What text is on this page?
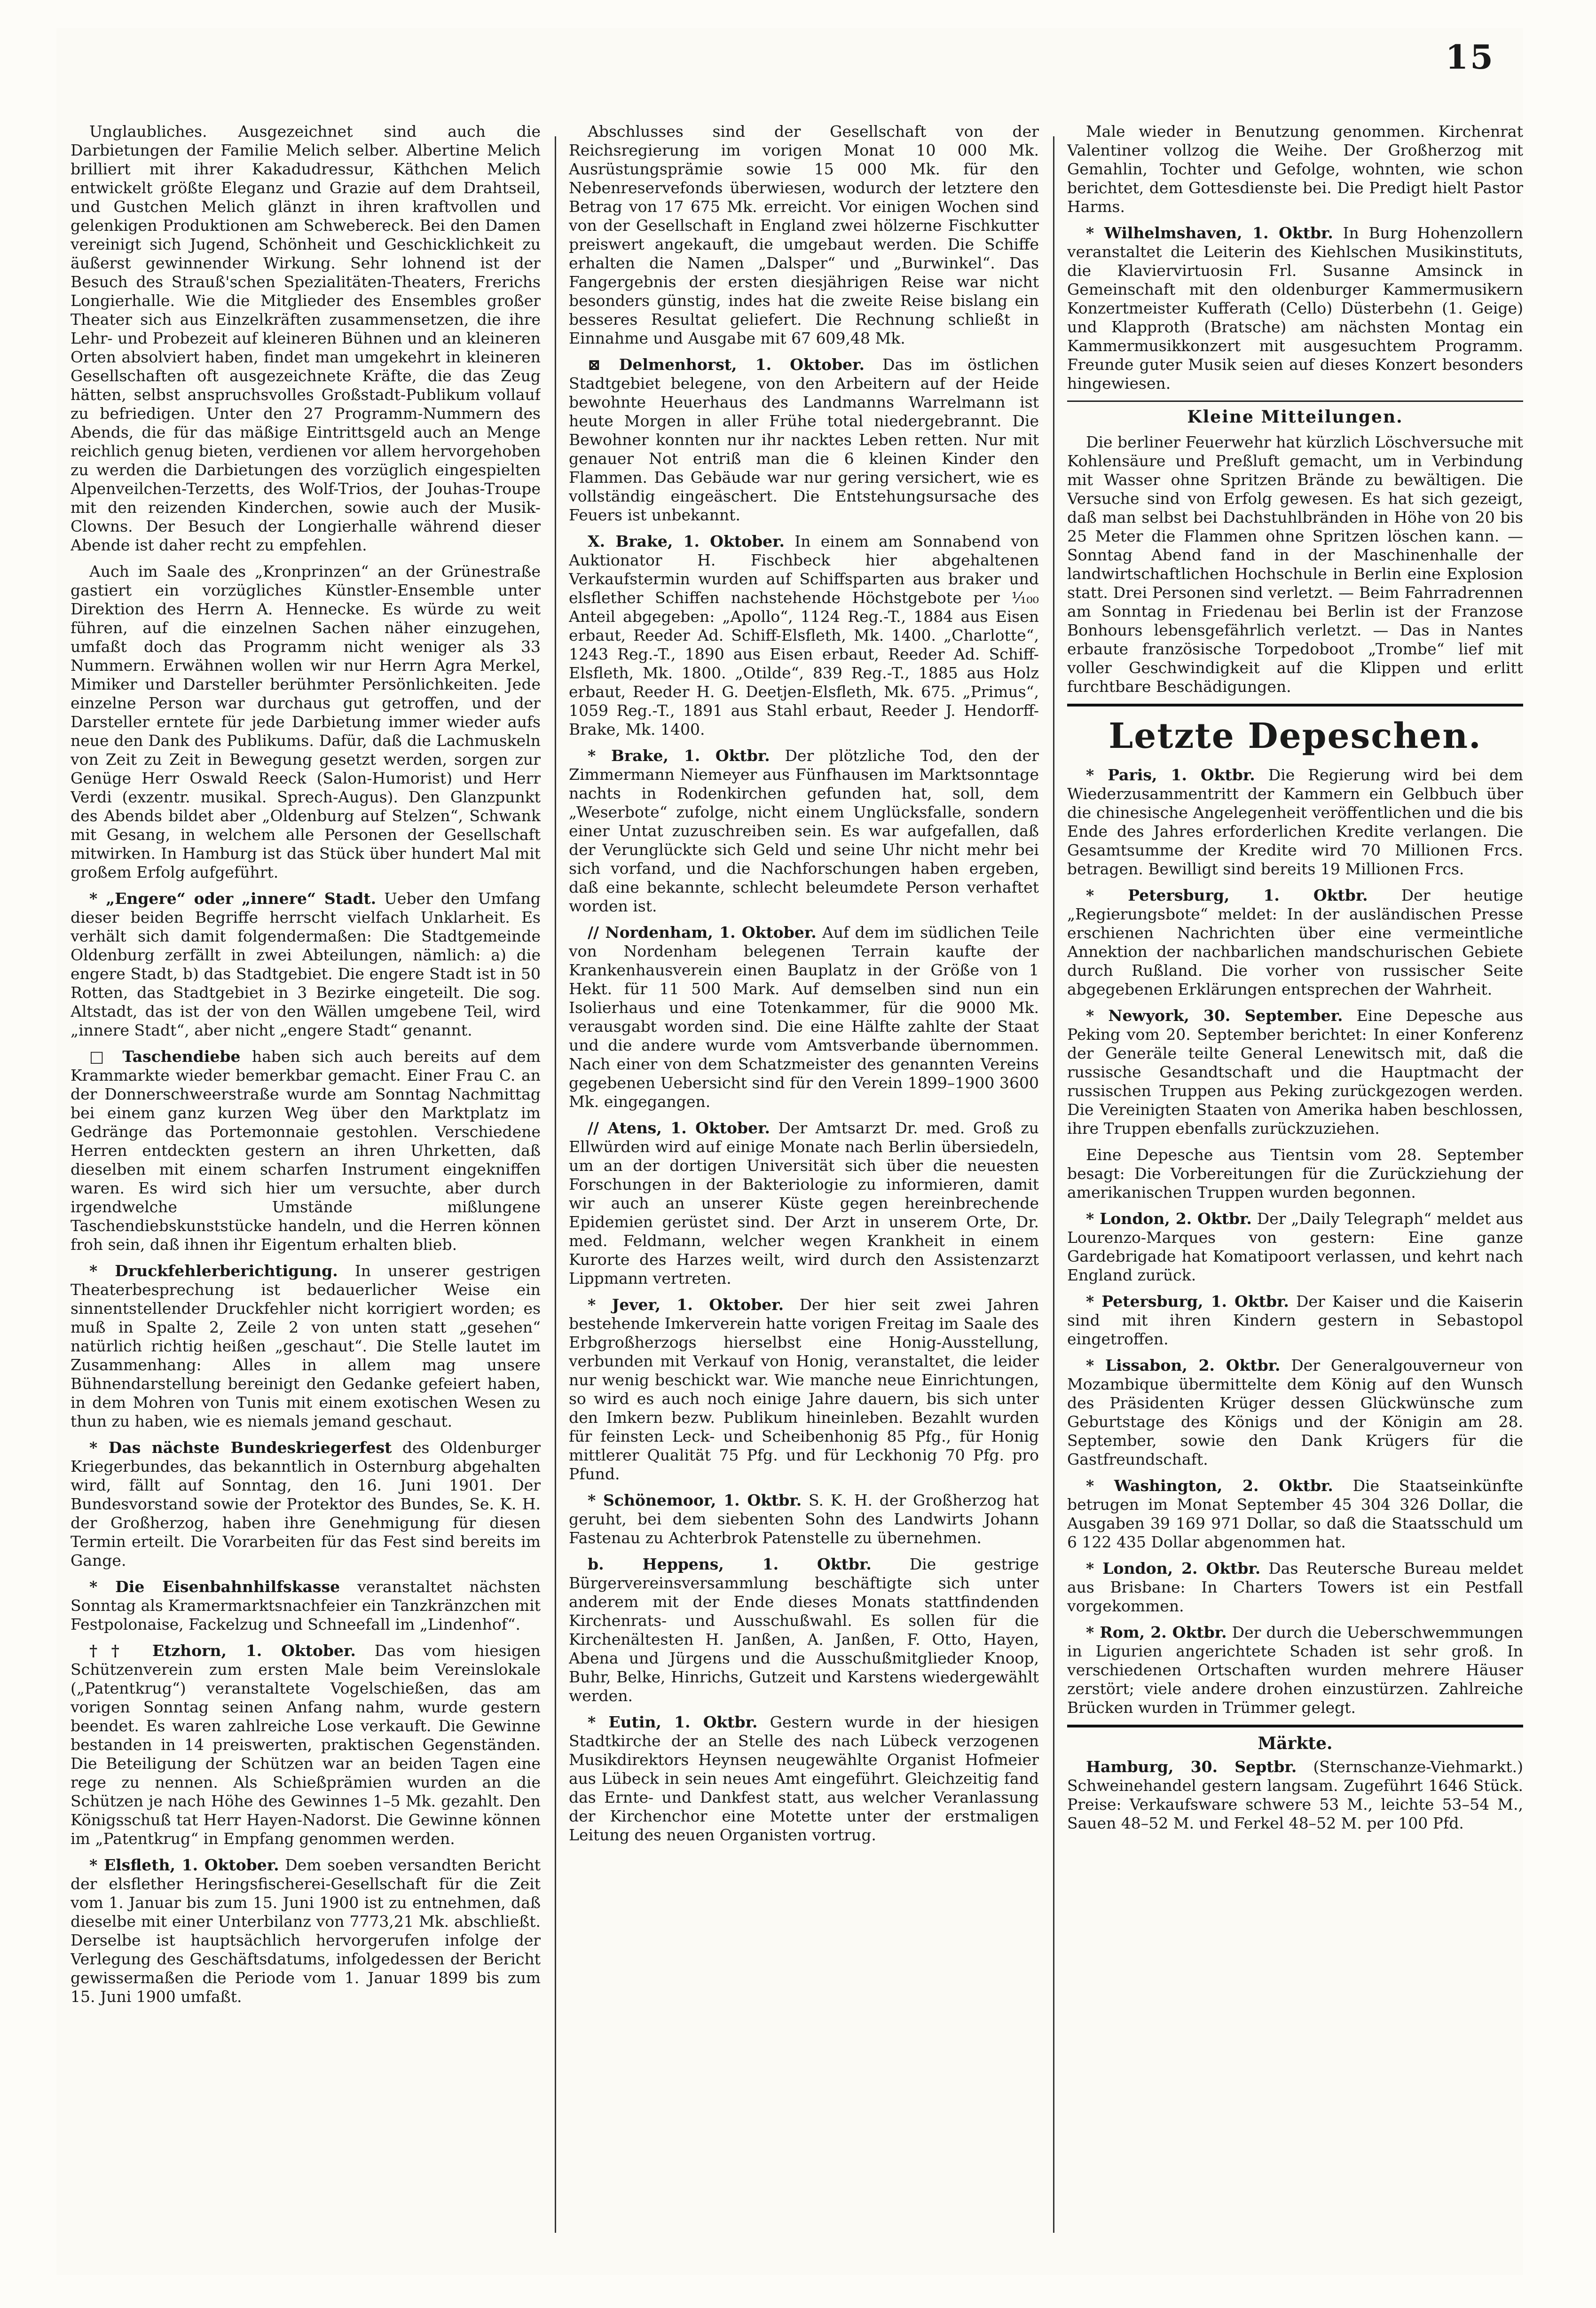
15

Unglaubliches. Ausgezeichnet sind auch die Darbietungen der Familie Melich selber. Albertine Melich brilliert mit ihrer Kakadudressur, Käthchen Melich entwickelt größte Eleganz und Grazie auf dem Drahtseil, und Gustchen Melich glänzt in ihren kraftvollen und gelenkigen Produktionen am Schwebereck. Bei den Damen vereinigt sich Jugend, Schönheit und Geschicklichkeit zu äußerst gewinnender Wirkung. Sehr lohnend ist der Besuch des Strauß'schen Spezialitäten-Theaters, Frerichs Longierhalle. Wie die Mitglieder des Ensembles großer Theater sich aus Einzelkräften zusammensetzen, die ihre Lehr- und Probezeit auf kleineren Bühnen und an kleineren Orten absolviert haben, findet man umgekehrt in kleineren Gesellschaften oft ausgezeichnete Kräfte, die das Zeug hätten, selbst anspruchsvolles Großstadt-Publikum vollauf zu befriedigen. Unter den 27 Programm-Nummern des Abends, die für das mäßige Eintrittsgeld auch an Menge reichlich genug bieten, verdienen vor allem hervorgehoben zu werden die Darbietungen des vorzüglich eingespielten Alpenveilchen-Terzetts, des Wolf-Trios, der Jouhas-Troupe mit den reizenden Kinderchen, sowie auch der Musik-Clowns. Der Besuch der Longierhalle während dieser Abende ist daher recht zu empfehlen.

Auch im Saale des „Kronprinzen“ an der Grünestraße gastiert ein vorzügliches Künstler-Ensemble unter Direktion des Herrn A. Hennecke. Es würde zu weit führen, auf die einzelnen Sachen näher einzugehen, umfaßt doch das Programm nicht weniger als 33 Nummern. Erwähnen wollen wir nur Herrn Agra Merkel, Mimiker und Darsteller berühmter Persönlichkeiten. Jede einzelne Person war durchaus gut getroffen, und der Darsteller erntete für jede Darbietung immer wieder aufs neue den Dank des Publikums. Dafür, daß die Lachmuskeln von Zeit zu Zeit in Bewegung gesetzt werden, sorgen zur Genüge Herr Oswald Reeck (Salon-Humorist) und Herr Verdi (exzentr. musikal. Sprech-Augus). Den Glanzpunkt des Abends bildet aber „Oldenburg auf Stelzen“, Schwank mit Gesang, in welchem alle Personen der Gesellschaft mitwirken. In Hamburg ist das Stück über hundert Mal mit großem Erfolg aufgeführt.

* „Engere“ oder „innere“ Stadt. Ueber den Umfang dieser beiden Begriffe herrscht vielfach Unklarheit. Es verhält sich damit folgendermaßen: Die Stadtgemeinde Oldenburg zerfällt in zwei Abteilungen, nämlich: a) die engere Stadt, b) das Stadtgebiet. Die engere Stadt ist in 50 Rotten, das Stadtgebiet in 3 Bezirke eingeteilt. Die sog. Altstadt, das ist der von den Wällen umgebene Teil, wird „innere Stadt“, aber nicht „engere Stadt“ genannt.

□ Taschendiebe haben sich auch bereits auf dem Krammarkte wieder bemerkbar gemacht. Einer Frau C. an der Donnerschweerstraße wurde am Sonntag Nachmittag bei einem ganz kurzen Weg über den Marktplatz im Gedränge das Portemonnaie gestohlen. Verschiedene Herren entdeckten gestern an ihren Uhrketten, daß dieselben mit einem scharfen Instrument eingekniffen waren. Es wird sich hier um versuchte, aber durch irgendwelche Umstände mißlungene Taschendiebskunststücke handeln, und die Herren können froh sein, daß ihnen ihr Eigentum erhalten blieb.

* Druckfehlerberichtigung. In unserer gestrigen Theaterbesprechung ist bedauerlicher Weise ein sinnentstellender Druckfehler nicht korrigiert worden; es muß in Spalte 2, Zeile 2 von unten statt „gesehen“ natürlich richtig heißen „geschaut“. Die Stelle lautet im Zusammenhang: Alles in allem mag unsere Bühnendarstellung bereinigt den Gedanke gefeiert haben, in dem Mohren von Tunis mit einem exotischen Wesen zu thun zu haben, wie es niemals jemand geschaut.

* Das nächste Bundeskriegerfest des Oldenburger Kriegerbundes, das bekanntlich in Osternburg abgehalten wird, fällt auf Sonntag, den 16. Juni 1901. Der Bundesvorstand sowie der Protektor des Bundes, Se. K. H. der Großherzog, haben ihre Genehmigung für diesen Termin erteilt. Die Vorarbeiten für das Fest sind bereits im Gange.

* Die Eisenbahnhilfskasse veranstaltet nächsten Sonntag als Kramermarktsnachfeier ein Tanzkränzchen mit Festpolonaise, Fackelzug und Schneefall im „Lindenhof“.

†† Etzhorn, 1. Oktober. Das vom hiesigen Schützenverein zum ersten Male beim Vereinslokale („Patentkrug“) veranstaltete Vogelschießen, das am vorigen Sonntag seinen Anfang nahm, wurde gestern beendet. Es waren zahlreiche Lose verkauft. Die Gewinne bestanden in 14 preiswerten, praktischen Gegenständen. Die Beteiligung der Schützen war an beiden Tagen eine rege zu nennen. Als Schießprämien wurden an die Schützen je nach Höhe des Gewinnes 1–5 Mk. gezahlt. Den Königsschuß tat Herr Hayen-Nadorst. Die Gewinne können im „Patentkrug“ in Empfang genommen werden.

* Elsfleth, 1. Oktober. Dem soeben versandten Bericht der elsflether Heringsfischerei-Gesellschaft für die Zeit vom 1. Januar bis zum 15. Juni 1900 ist zu entnehmen, daß dieselbe mit einer Unterbilanz von 7773,21 Mk. abschließt. Derselbe ist hauptsächlich hervorgerufen infolge der Verlegung des Geschäftsdatums, infolgedessen der Bericht gewissermaßen die Periode vom 1. Januar 1899 bis zum 15. Juni 1900 umfaßt.

Abschlusses sind der Gesellschaft von der Reichsregierung im vorigen Monat 10 000 Mk. Ausrüstungsprämie sowie 15 000 Mk. für den Nebenreservefonds überwiesen, wodurch der letztere den Betrag von 17 675 Mk. erreicht. Vor einigen Wochen sind von der Gesellschaft in England zwei hölzerne Fischkutter preiswert angekauft, die umgebaut werden. Die Schiffe erhalten die Namen „Dalsper“ und „Burwinkel“. Das Fangergebnis der ersten diesjährigen Reise war nicht besonders günstig, indes hat die zweite Reise bislang ein besseres Resultat geliefert. Die Rechnung schließt in Einnahme und Ausgabe mit 67 609,48 Mk.

⊠ Delmenhorst, 1. Oktober. Das im östlichen Stadtgebiet belegene, von den Arbeitern auf der Heide bewohnte Heuerhaus des Landmanns Warrelmann ist heute Morgen in aller Frühe total niedergebrannt. Die Bewohner konnten nur ihr nacktes Leben retten. Nur mit genauer Not entriß man die 6 kleinen Kinder den Flammen. Das Gebäude war nur gering versichert, wie es vollständig eingeäschert. Die Entstehungsursache des Feuers ist unbekannt.

X. Brake, 1. Oktober. In einem am Sonnabend von Auktionator H. Fischbeck hier abgehaltenen Verkaufstermin wurden auf Schiffsparten aus braker und elsflether Schiffen nachstehende Höchstgebote per ¹⁄₁₀₀ Anteil abgegeben: „Apollo“, 1124 Reg.-T., 1884 aus Eisen erbaut, Reeder Ad. Schiff-Elsfleth, Mk. 1400. „Charlotte“, 1243 Reg.-T., 1890 aus Eisen erbaut, Reeder Ad. Schiff-Elsfleth, Mk. 1800. „Otilde“, 839 Reg.-T., 1885 aus Holz erbaut, Reeder H. G. Deetjen-Elsfleth, Mk. 675. „Primus“, 1059 Reg.-T., 1891 aus Stahl erbaut, Reeder J. Hendorff-Brake, Mk. 1400.

* Brake, 1. Oktbr. Der plötzliche Tod, den der Zimmermann Niemeyer aus Fünfhausen im Marktsonntage nachts in Rodenkirchen gefunden hat, soll, dem „Weserbote“ zufolge, nicht einem Unglücksfalle, sondern einer Untat zuzuschreiben sein. Es war aufgefallen, daß der Verunglückte sich Geld und seine Uhr nicht mehr bei sich vorfand, und die Nachforschungen haben ergeben, daß eine bekannte, schlecht beleumdete Person verhaftet worden ist.

// Nordenham, 1. Oktober. Auf dem im südlichen Teile von Nordenham belegenen Terrain kaufte der Krankenhausverein einen Bauplatz in der Größe von 1 Hekt. für 11 500 Mark. Auf demselben sind nun ein Isolierhaus und eine Totenkammer, für die 9000 Mk. verausgabt worden sind. Die eine Hälfte zahlte der Staat und die andere wurde vom Amtsverbande übernommen. Nach einer von dem Schatzmeister des genannten Vereins gegebenen Uebersicht sind für den Verein 1899–1900 3600 Mk. eingegangen.

// Atens, 1. Oktober. Der Amtsarzt Dr. med. Groß zu Ellwürden wird auf einige Monate nach Berlin übersiedeln, um an der dortigen Universität sich über die neuesten Forschungen in der Bakteriologie zu informieren, damit wir auch an unserer Küste gegen hereinbrechende Epidemien gerüstet sind. Der Arzt in unserem Orte, Dr. med. Feldmann, welcher wegen Krankheit in einem Kurorte des Harzes weilt, wird durch den Assistenzarzt Lippmann vertreten.

* Jever, 1. Oktober. Der hier seit zwei Jahren bestehende Imkerverein hatte vorigen Freitag im Saale des Erbgroßherzogs hierselbst eine Honig-Ausstellung, verbunden mit Verkauf von Honig, veranstaltet, die leider nur wenig beschickt war. Wie manche neue Einrichtungen, so wird es auch noch einige Jahre dauern, bis sich unter den Imkern bezw. Publikum hineinleben. Bezahlt wurden für feinsten Leck- und Scheibenhonig 85 Pfg., für Honig mittlerer Qualität 75 Pfg. und für Leckhonig 70 Pfg. pro Pfund.

* Schönemoor, 1. Oktbr. S. K. H. der Großherzog hat geruht, bei dem siebenten Sohn des Landwirts Johann Fastenau zu Achterbrok Patenstelle zu übernehmen.

b. Heppens, 1. Oktbr. Die gestrige Bürgervereinsversammlung beschäftigte sich unter anderem mit der Ende dieses Monats stattfindenden Kirchenrats- und Ausschußwahl. Es sollen für die Kirchenältesten H. Janßen, A. Janßen, F. Otto, Hayen, Abena und Jürgens und die Ausschußmitglieder Knoop, Buhr, Belke, Hinrichs, Gutzeit und Karstens wiedergewählt werden.

* Eutin, 1. Oktbr. Gestern wurde in der hiesigen Stadtkirche der an Stelle des nach Lübeck verzogenen Musikdirektors Heynsen neugewählte Organist Hofmeier aus Lübeck in sein neues Amt eingeführt. Gleichzeitig fand das Ernte- und Dankfest statt, aus welcher Veranlassung der Kirchenchor eine Motette unter der erstmaligen Leitung des neuen Organisten vortrug.

Male wieder in Benutzung genommen. Kirchenrat Valentiner vollzog die Weihe. Der Großherzog mit Gemahlin, Tochter und Gefolge, wohnten, wie schon berichtet, dem Gottesdienste bei. Die Predigt hielt Pastor Harms.

* Wilhelmshaven, 1. Oktbr. In Burg Hohenzollern veranstaltet die Leiterin des Kiehlschen Musikinstituts, die Klaviervirtuosin Frl. Susanne Amsinck in Gemeinschaft mit den oldenburger Kammermusikern Konzertmeister Kufferath (Cello) Düsterbehn (1. Geige) und Klapproth (Bratsche) am nächsten Montag ein Kammermusikkonzert mit ausgesuchtem Programm. Freunde guter Musik seien auf dieses Konzert besonders hingewiesen.

Kleine Mitteilungen.

Die berliner Feuerwehr hat kürzlich Löschversuche mit Kohlensäure und Preßluft gemacht, um in Verbindung mit Wasser ohne Spritzen Brände zu bewältigen. Die Versuche sind von Erfolg gewesen. Es hat sich gezeigt, daß man selbst bei Dachstuhlbränden in Höhe von 20 bis 25 Meter die Flammen ohne Spritzen löschen kann. — Sonntag Abend fand in der Maschinenhalle der landwirtschaftlichen Hochschule in Berlin eine Explosion statt. Drei Personen sind verletzt. — Beim Fahrradrennen am Sonntag in Friedenau bei Berlin ist der Franzose Bonhours lebensgefährlich verletzt. — Das in Nantes erbaute französische Torpedoboot „Trombe“ lief mit voller Geschwindigkeit auf die Klippen und erlitt furchtbare Beschädigungen.

Letzte Depeschen.

* Paris, 1. Oktbr. Die Regierung wird bei dem Wiederzusammentritt der Kammern ein Gelbbuch über die chinesische Angelegenheit veröffentlichen und die bis Ende des Jahres erforderlichen Kredite verlangen. Die Gesamtsumme der Kredite wird 70 Millionen Frcs. betragen. Bewilligt sind bereits 19 Millionen Frcs.

* Petersburg, 1. Oktbr. Der heutige „Regierungsbote“ meldet: In der ausländischen Presse erschienen Nachrichten über eine vermeintliche Annektion der nachbarlichen mandschurischen Gebiete durch Rußland. Die vorher von russischer Seite abgegebenen Erklärungen entsprechen der Wahrheit.

* Newyork, 30. September. Eine Depesche aus Peking vom 20. September berichtet: In einer Konferenz der Generäle teilte General Lenewitsch mit, daß die russische Gesandtschaft und die Hauptmacht der russischen Truppen aus Peking zurückgezogen werden. Die Vereinigten Staaten von Amerika haben beschlossen, ihre Truppen ebenfalls zurückzuziehen.

Eine Depesche aus Tientsin vom 28. September besagt: Die Vorbereitungen für die Zurückziehung der amerikanischen Truppen wurden begonnen.

* London, 2. Oktbr. Der „Daily Telegraph“ meldet aus Lourenzo-Marques von gestern: Eine ganze Gardebrigade hat Komatipoort verlassen, und kehrt nach England zurück.

* Petersburg, 1. Oktbr. Der Kaiser und die Kaiserin sind mit ihren Kindern gestern in Sebastopol eingetroffen.

* Lissabon, 2. Oktbr. Der Generalgouverneur von Mozambique übermittelte dem König auf den Wunsch des Präsidenten Krüger dessen Glückwünsche zum Geburtstage des Königs und der Königin am 28. September, sowie den Dank Krügers für die Gastfreundschaft.

* Washington, 2. Oktbr. Die Staatseinkünfte betrugen im Monat September 45 304 326 Dollar, die Ausgaben 39 169 971 Dollar, so daß die Staatsschuld um 6 122 435 Dollar abgenommen hat.

* London, 2. Oktbr. Das Reutersche Bureau meldet aus Brisbane: In Charters Towers ist ein Pestfall vorgekommen.

* Rom, 2. Oktbr. Der durch die Ueberschwemmungen in Ligurien angerichtete Schaden ist sehr groß. In verschiedenen Ortschaften wurden mehrere Häuser zerstört; viele andere drohen einzustürzen. Zahlreiche Brücken wurden in Trümmer gelegt.

Märkte.

Hamburg, 30. Septbr. (Sternschanze-Viehmarkt.) Schweinehandel gestern langsam. Zugeführt 1646 Stück. Preise: Verkaufsware schwere 53 M., leichte 53–54 M., Sauen 48–52 M. und Ferkel 48–52 M. per 100 Pfd.
